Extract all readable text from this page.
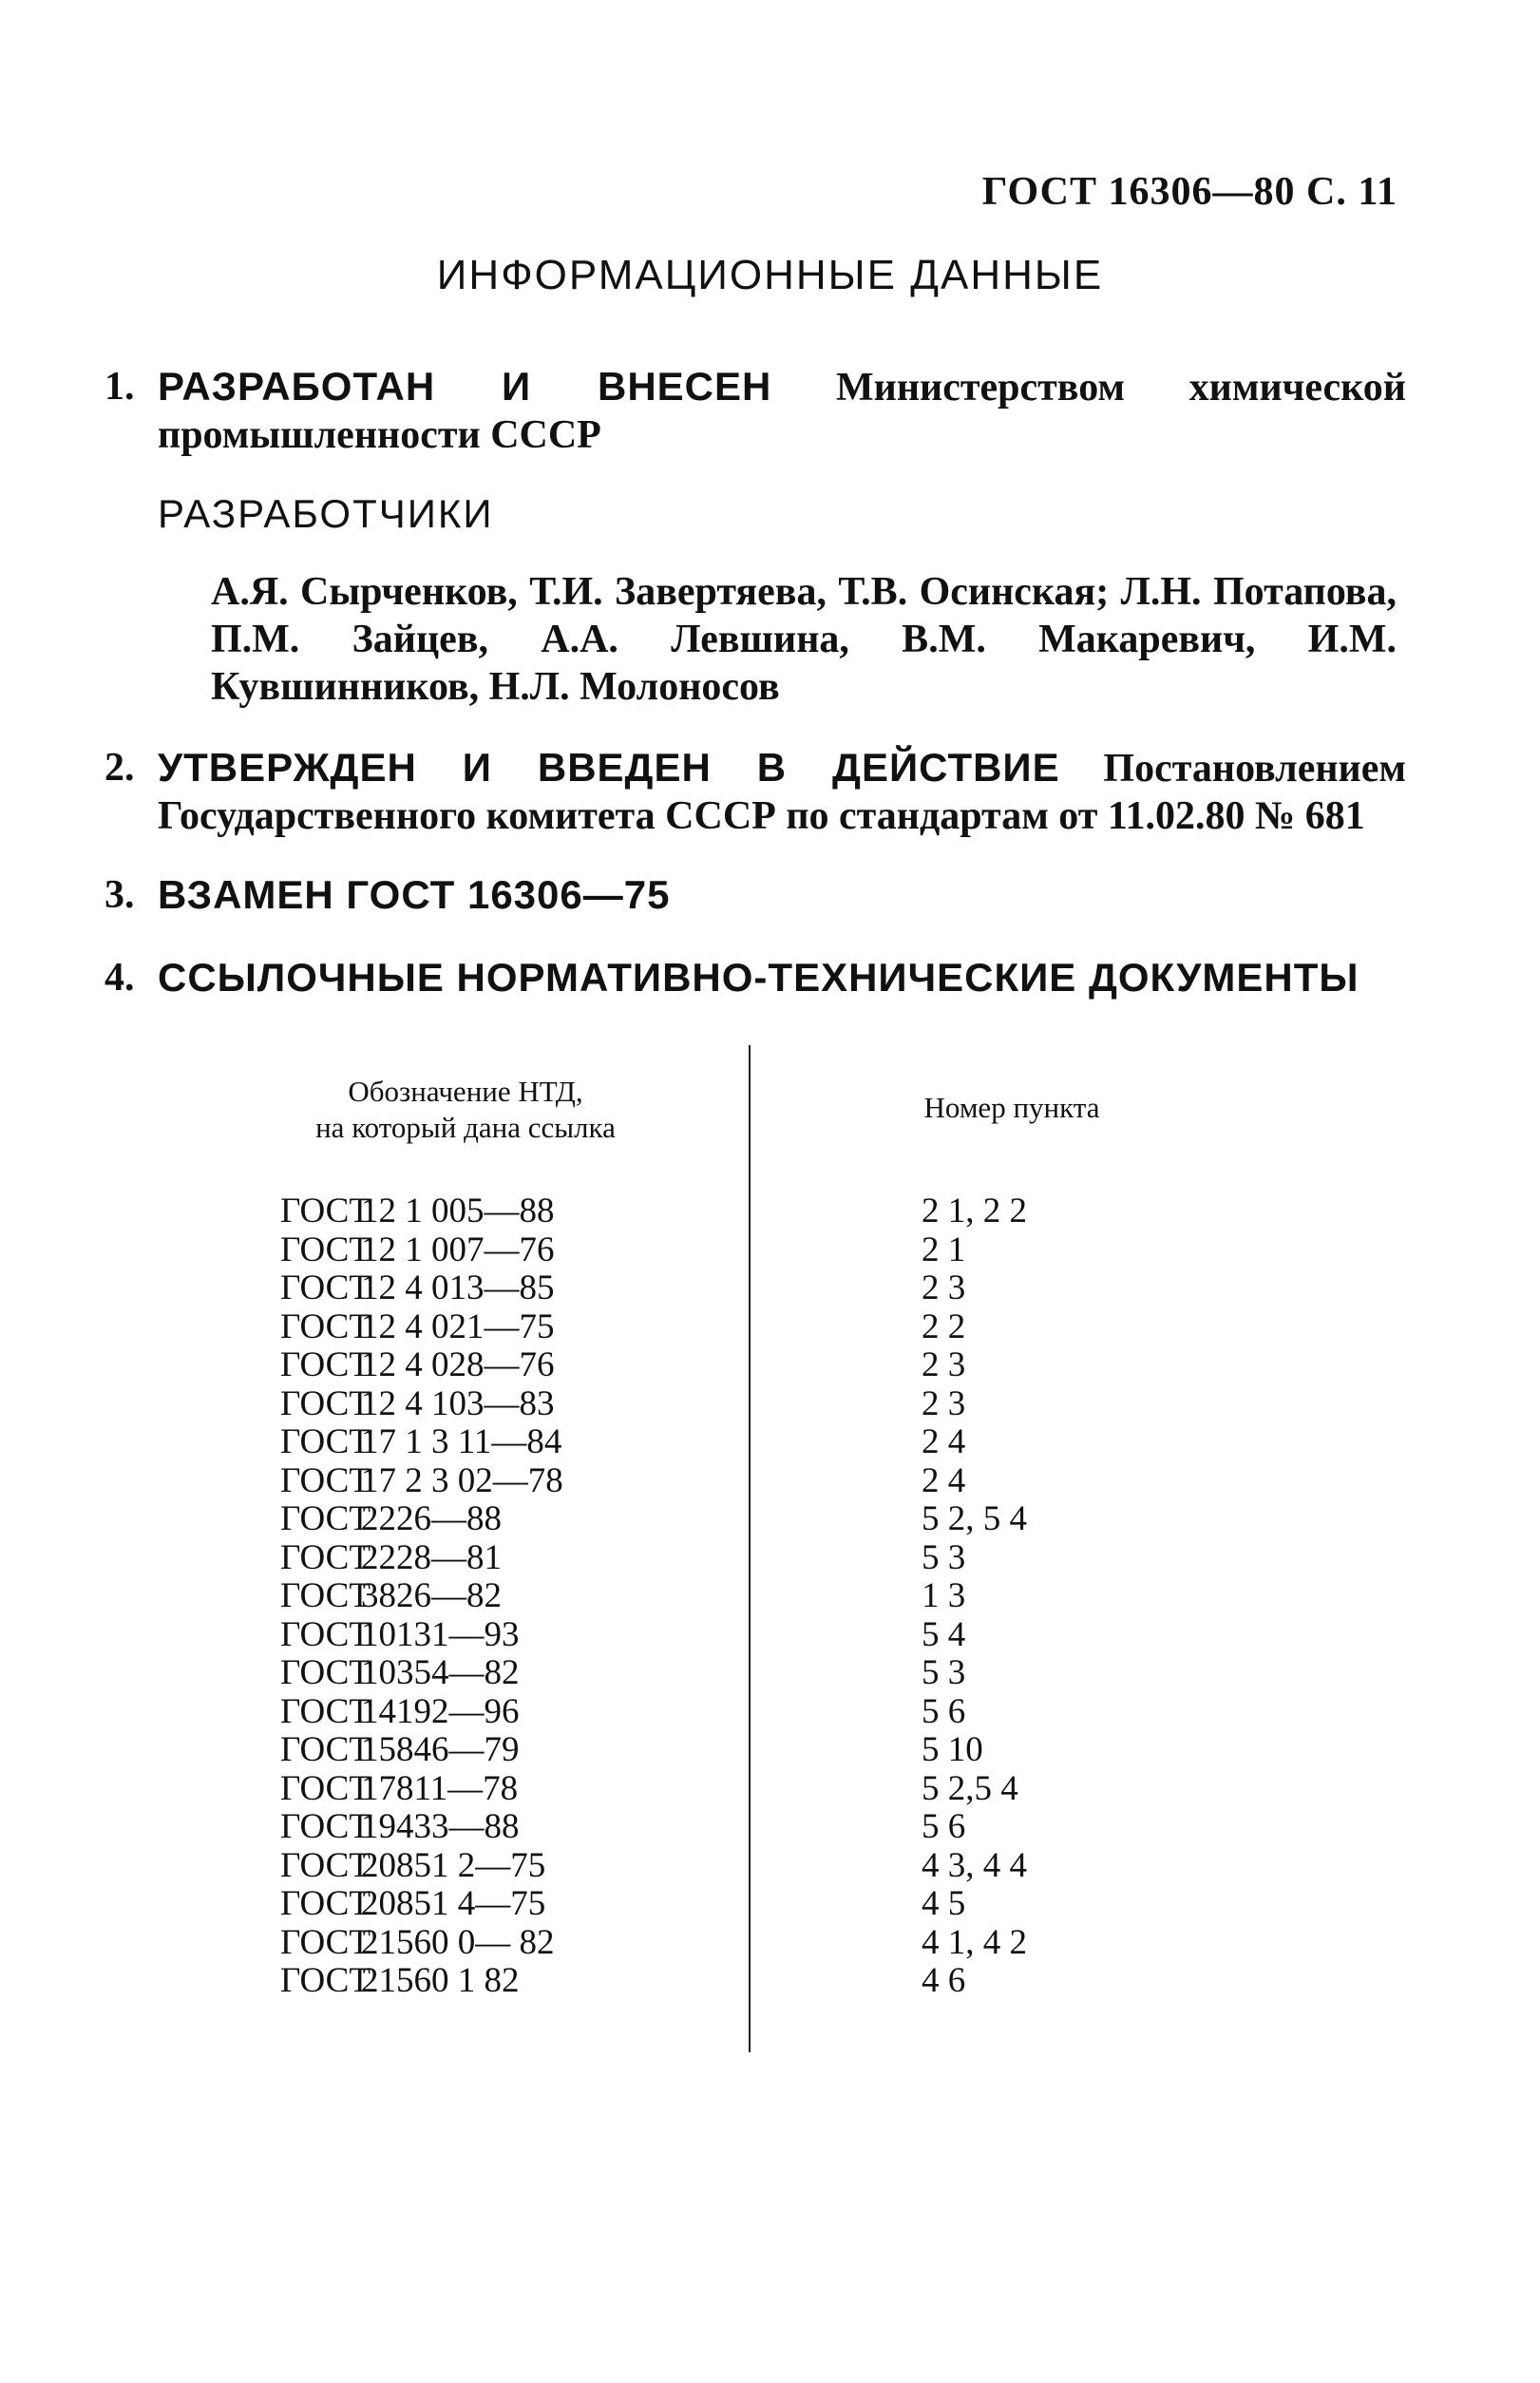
ГОСТ 16306—80 С. 11
ИНФОРМАЦИОННЫЕ ДАННЫЕ
1. РАЗРАБОТАН И ВНЕСЕН Министерством химической промышленности СССР
РАЗРАБОТЧИКИ
А.Я. Сырченков, Т.И. Завертяева, Т.В. Осинская; Л.Н. Потапова, П.М. Зайцев, А.А. Левшина, В.М. Макаревич, И.М. Кувшинников, Н.Л. Молоносов
2. УТВЕРЖДЕН И ВВЕДЕН В ДЕЙСТВИЕ Постановлением Государственного комитета СССР по стандартам от 11.02.80 № 681
3. ВЗАМЕН ГОСТ 16306—75
4. ССЫЛОЧНЫЕ НОРМАТИВНО-ТЕХНИЧЕСКИЕ ДОКУМЕНТЫ
Обозначение НТД,
на который дана ссылка
Номер пункта
ГОСТ
12 1 005—88	2 1, 2 2
ГОСТ
12 1 007—76	2 1
ГОСТ
12 4 013—85	2 3
ГОСТ
12 4 021—75	2 2
ГОСТ
12 4 028—76	2 3
ГОСТ
12 4 103—83	2 3
ГОСТ
17 1 3 11—84	2 4
ГОСТ
17 2 3 02—78	2 4
ГОСТ
2226—88	5 2, 5 4
ГОСТ
2228—81	5 3
ГОСТ
3826—82	1 3
ГОСТ
10131—93	5 4
ГОСТ
10354—82	5 3
ГОСТ
14192—96	5 6
ГОСТ
15846—79	5 10
ГОСТ
17811—78	5 2,5 4
ГОСТ
19433—88	5 6
ГОСТ
20851 2—75	4 3, 4 4
ГОСТ
20851 4—75	4 5
ГОСТ
21560 0— 82	4 1, 4 2
ГОСТ
21560 1 82	4 6
